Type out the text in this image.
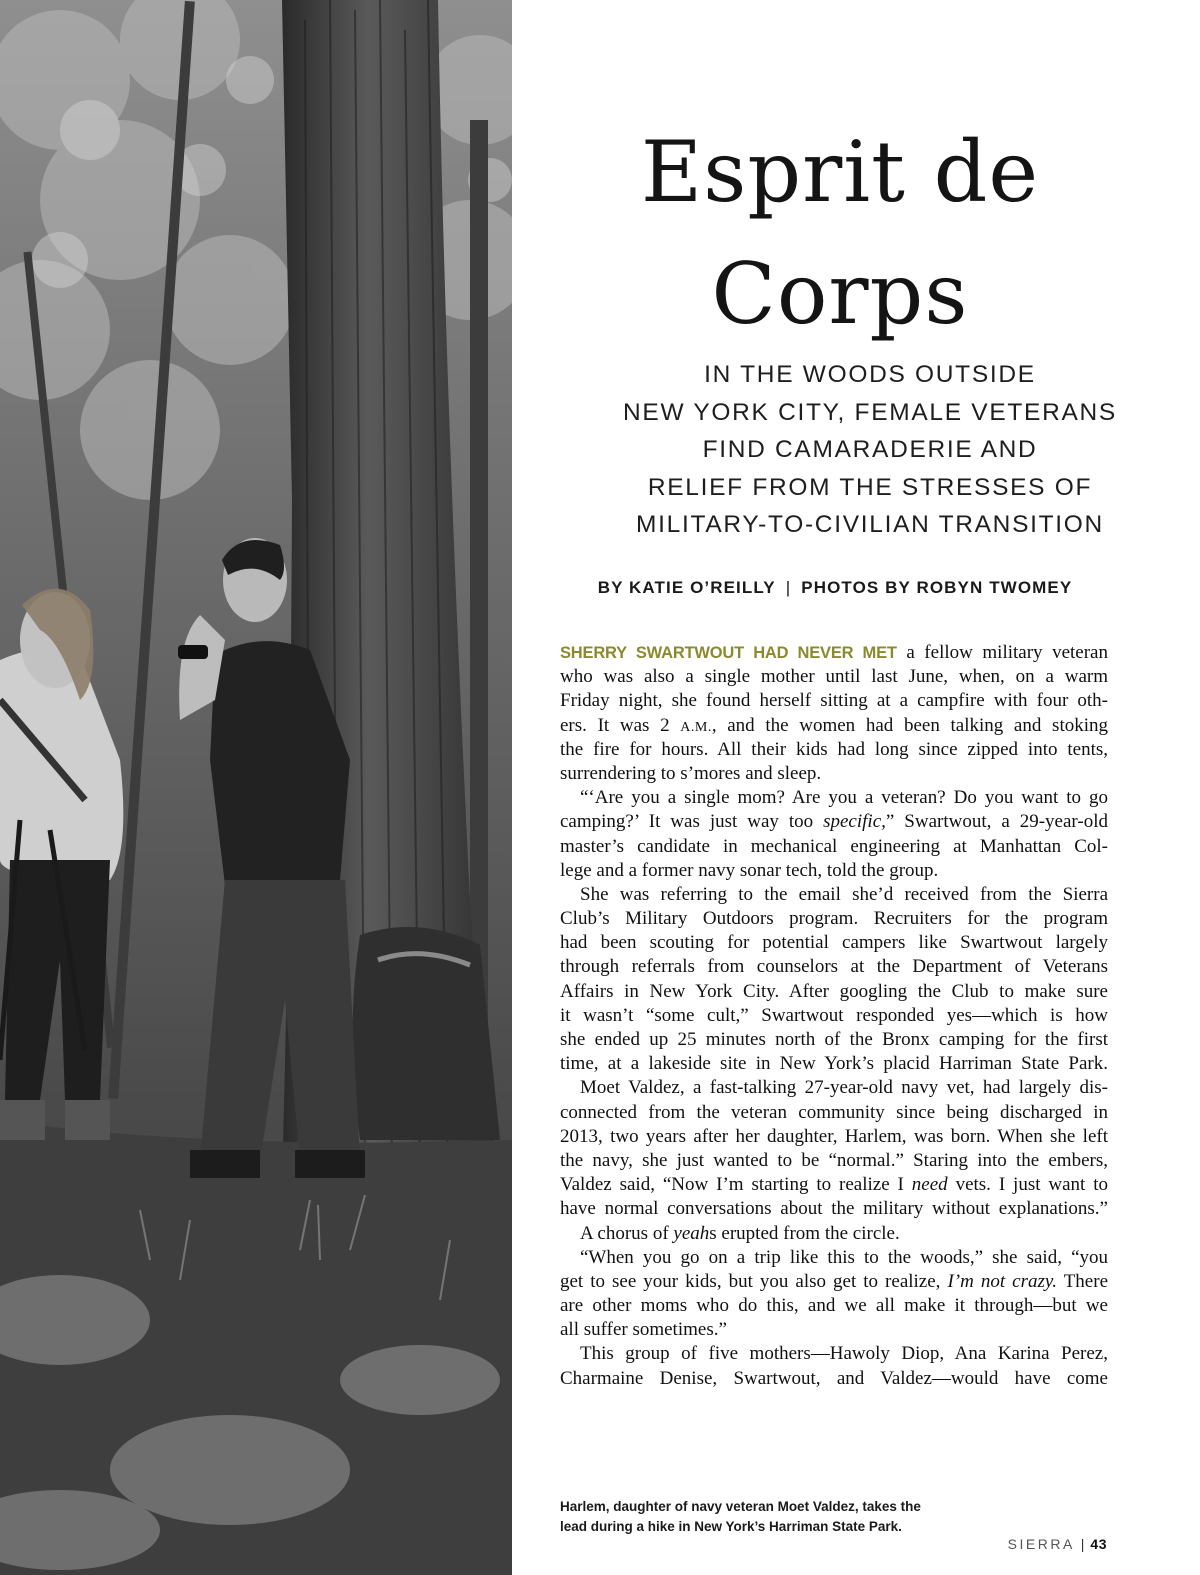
Esprit de
Corps

IN THE WOODS OUTSIDE
NEW YORK CITY, FEMALE VETERANS
FIND CAMARADERIE AND
RELIEF FROM THE STRESSES OF
MILITARY-TO-CIVILIAN TRANSITION

BY KATIE O’REILLY | PHOTOS BY ROBYN TWOMEY
SHERRY SWARTWOUT HAD NEVER MET a fellow military veteran
who was also a single mother until last June, when, on a warm
Friday night, she found herself sitting at a campfire with four oth-
ers. It was 2 A.M., and the women had been talking and stoking
the fire for hours. All their kids had long since zipped into tents,
surrendering to s’mores and sleep.
“‘Are you a single mom? Are you a veteran? Do you want to go
camping?’ It was just way too specific,” Swartwout, a 29-year-old
master’s candidate in mechanical engineering at Manhattan Col-
lege and a former navy sonar tech, told the group.
She was referring to the email she’d received from the Sierra
Club’s Military Outdoors program. Recruiters for the program
had been scouting for potential campers like Swartwout largely
through referrals from counselors at the Department of Veterans
Affairs in New York City. After googling the Club to make sure
it wasn’t “some cult,” Swartwout responded yes—which is how
she ended up 25 minutes north of the Bronx camping for the first
time, at a lakeside site in New York’s placid Harriman State Park.
Moet Valdez, a fast-talking 27-year-old navy vet, had largely dis-
connected from the veteran community since being discharged in
2013, two years after her daughter, Harlem, was born. When she left
the navy, she just wanted to be “normal.” Staring into the embers,
Valdez said, “Now I’m starting to realize I need vets. I just want to
have normal conversations about the military without explanations.”
A chorus of yeahs erupted from the circle.
“When you go on a trip like this to the woods,” she said, “you
get to see your kids, but you also get to realize, I’m not crazy. There
are other moms who do this, and we all make it through—but we
all suffer sometimes.”
This group of five mothers—Hawoly Diop, Ana Karina Perez,
Charmaine Denise, Swartwout, and Valdez—would have come
Harlem, daughter of navy veteran Moet Valdez, takes the
lead during a hike in New York’s Harriman State Park.
SIERRA | 43
